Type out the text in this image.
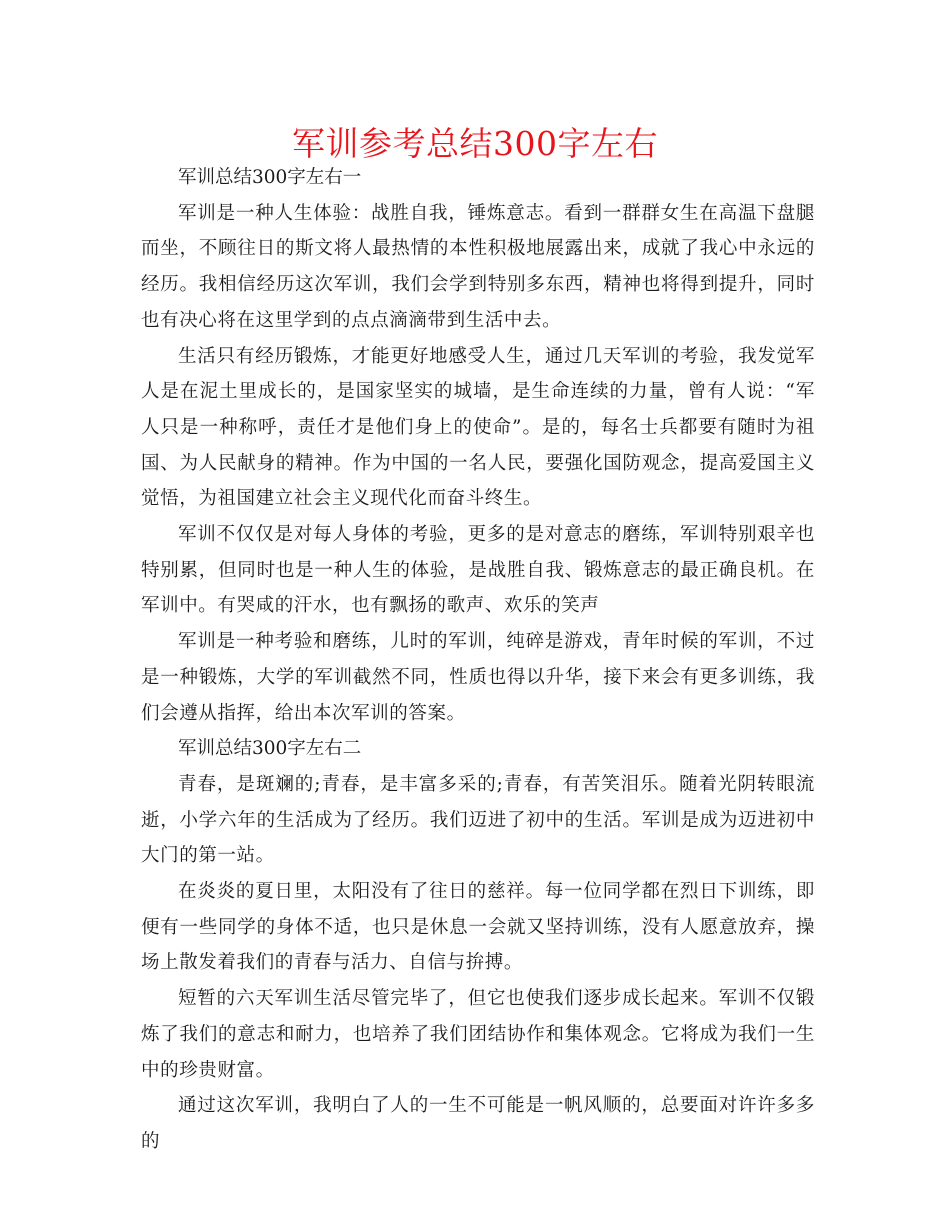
军训参考总结300字左右

军训总结300字左右一

军训是一种人生体验：战胜自我，锤炼意志。看到一群群女生在高温下盘腿而坐，不顾往日的斯文将人最热情的本性积极地展露出来，成就了我心中永远的经历。我相信经历这次军训，我们会学到特别多东西，精神也将得到提升，同时也有决心将在这里学到的点点滴滴带到生活中去。

生活只有经历锻炼，才能更好地感受人生，通过几天军训的考验，我发觉军人是在泥土里成长的，是国家坚实的城墙，是生命连续的力量，曾有人说：“军人只是一种称呼，责任才是他们身上的使命”。是的，每名士兵都要有随时为祖国、为人民献身的精神。作为中国的一名人民，要强化国防观念，提高爱国主义觉悟，为祖国建立社会主义现代化而奋斗终生。

军训不仅仅是对每人身体的考验，更多的是对意志的磨练，军训特别艰辛也特别累，但同时也是一种人生的体验，是战胜自我、锻炼意志的最正确良机。在军训中。有哭咸的汗水，也有飘扬的歌声、欢乐的笑声

军训是一种考验和磨练，儿时的军训，纯碎是游戏，青年时候的军训，不过是一种锻炼，大学的军训截然不同，性质也得以升华，接下来会有更多训练，我们会遵从指挥，给出本次军训的答案。

军训总结300字左右二

青春，是斑斓的;青春，是丰富多采的;青春，有苦笑泪乐。随着光阴转眼流逝，小学六年的生活成为了经历。我们迈进了初中的生活。军训是成为迈进初中大门的第一站。

在炎炎的夏日里，太阳没有了往日的慈祥。每一位同学都在烈日下训练，即便有一些同学的身体不适，也只是休息一会就又坚持训练，没有人愿意放弃，操场上散发着我们的青春与活力、自信与拚搏。

短暂的六天军训生活尽管完毕了，但它也使我们逐步成长起来。军训不仅锻炼了我们的意志和耐力，也培养了我们团结协作和集体观念。它将成为我们一生中的珍贵财富。

通过这次军训，我明白了人的一生不可能是一帆风顺的，总要面对许许多多的
